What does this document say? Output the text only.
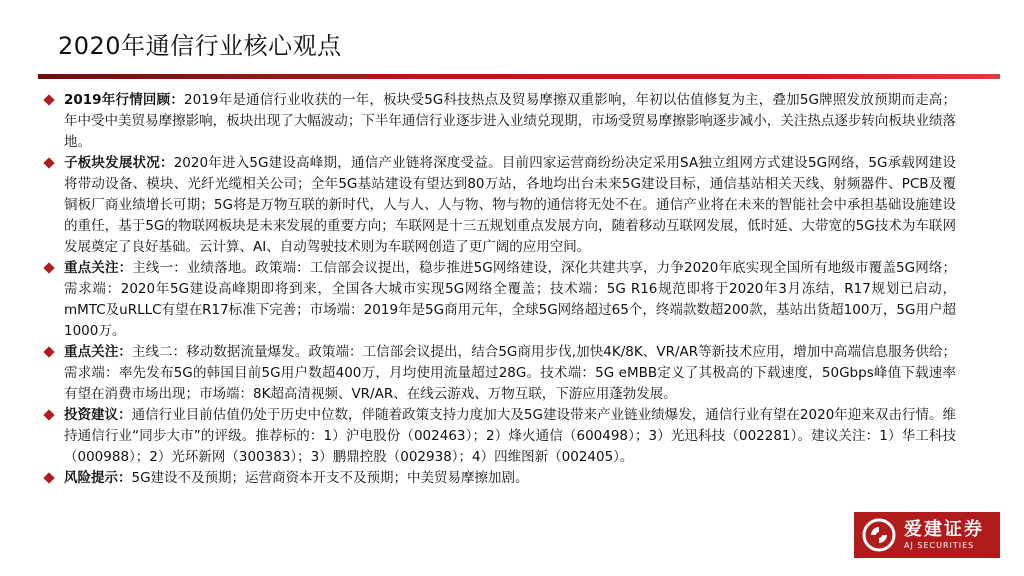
2020年通信行业核心观点
2019年行情回顾：2019年是通信行业收获的一年，板块受5G科技热点及贸易摩擦双重影响，年初以估值修复为主，叠加5G牌照发放预期而走高；年中受中美贸易摩擦影响，板块出现了大幅波动；下半年通信行业逐步进入业绩兑现期，市场受贸易摩擦影响逐步减小，关注热点逐步转向板块业绩落地。
子板块发展状况：2020年进入5G建设高峰期，通信产业链将深度受益。目前四家运营商纷纷决定采用SA独立组网方式建设5G网络，5G承载网建设将带动设备、模块、光纤光缆相关公司；全年5G基站建设有望达到80万站，各地均出台未来5G建设目标，通信基站相关天线、射频器件、PCB及覆铜板厂商业绩增长可期；5G将是万物互联的新时代，人与人、人与物、物与物的通信将无处不在。通信产业将在未来的智能社会中承担基础设施建设的重任，基于5G的物联网板块是未来发展的重要方向；车联网是十三五规划重点发展方向，随着移动互联网发展，低时延、大带宽的5G技术为车联网发展奠定了良好基础。云计算、AI、自动驾驶技术则为车联网创造了更广阔的应用空间。
重点关注：主线一：业绩落地。政策端：工信部会议提出，稳步推进5G网络建设，深化共建共享，力争2020年底实现全国所有地级市覆盖5G网络；需求端：2020年5G建设高峰期即将到来，全国各大城市实现5G网络全覆盖；技术端：5G R16规范即将于2020年3月冻结，R17规划已启动，mMTC及uRLLC有望在R17标准下完善；市场端：2019年是5G商用元年，全球5G网络超过65个，终端款数超200款，基站出货超100万，5G用户超1000万。
重点关注：主线二：移动数据流量爆发。政策端：工信部会议提出，结合5G商用步伐,加快4K/8K、VR/AR等新技术应用，增加中高端信息服务供给；需求端：率先发布5G的韩国目前5G用户数超400万，月均使用流量超过28G。技术端：5G eMBB定义了其极高的下载速度，50Gbps峰值下载速率有望在消费市场出现；市场端：8K超高清视频、VR/AR、在线云游戏、万物互联，下游应用蓬勃发展。
投资建议：通信行业目前估值仍处于历史中位数，伴随着政策支持力度加大及5G建设带来产业链业绩爆发，通信行业有望在2020年迎来双击行情。维持通信行业“同步大市”的评级。推荐标的：1）沪电股份（002463）；2）烽火通信（600498）；3）光迅科技（002281）。建议关注：1）华工科技（000988）；2）光环新网（300383）；3）鹏鼎控股（002938）；4）四维图新（002405）。
风险提示：5G建设不及预期；运营商资本开支不及预期；中美贸易摩擦加剧。
爱建证券
AJ SECURITIES
